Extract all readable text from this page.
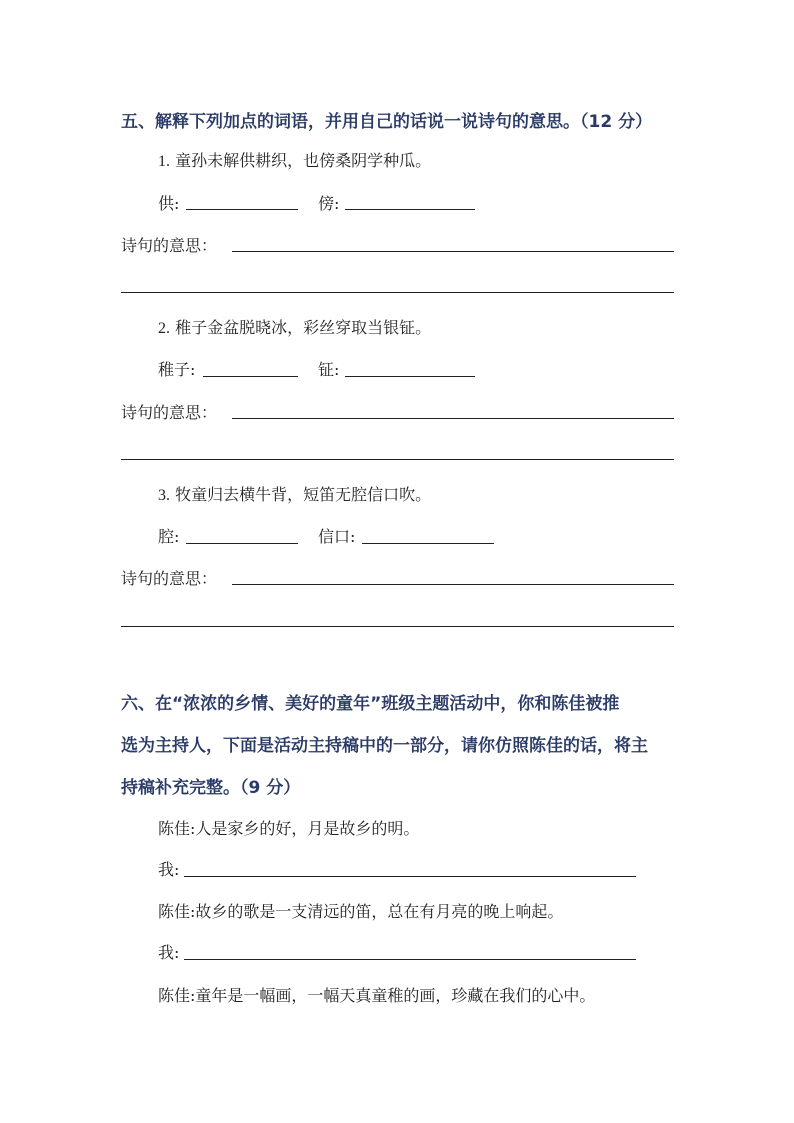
五、解释下列加点的词语，并用自己的话说一说诗句的意思。（12 分）
1. 童孙未解供耕织，也傍桑阴学种瓜。
供:	傍:
诗句的意思：
2. 稚子金盆脱晓冰，彩丝穿取当银钲。
稚子:	钲:
诗句的意思：
3. 牧童归去横牛背，短笛无腔信口吹。
腔:	信口:
诗句的意思：
六、在“浓浓的乡情、美好的童年”班级主题活动中，你和陈佳被推
选为主持人，下面是活动主持稿中的一部分，请你仿照陈佳的话，将主
持稿补充完整。（9 分）
陈佳:人是家乡的好，月是故乡的明。
我:
陈佳:故乡的歌是一支清远的笛，总在有月亮的晚上响起。
我:
陈佳:童年是一幅画，一幅天真童稚的画，珍藏在我们的心中。
